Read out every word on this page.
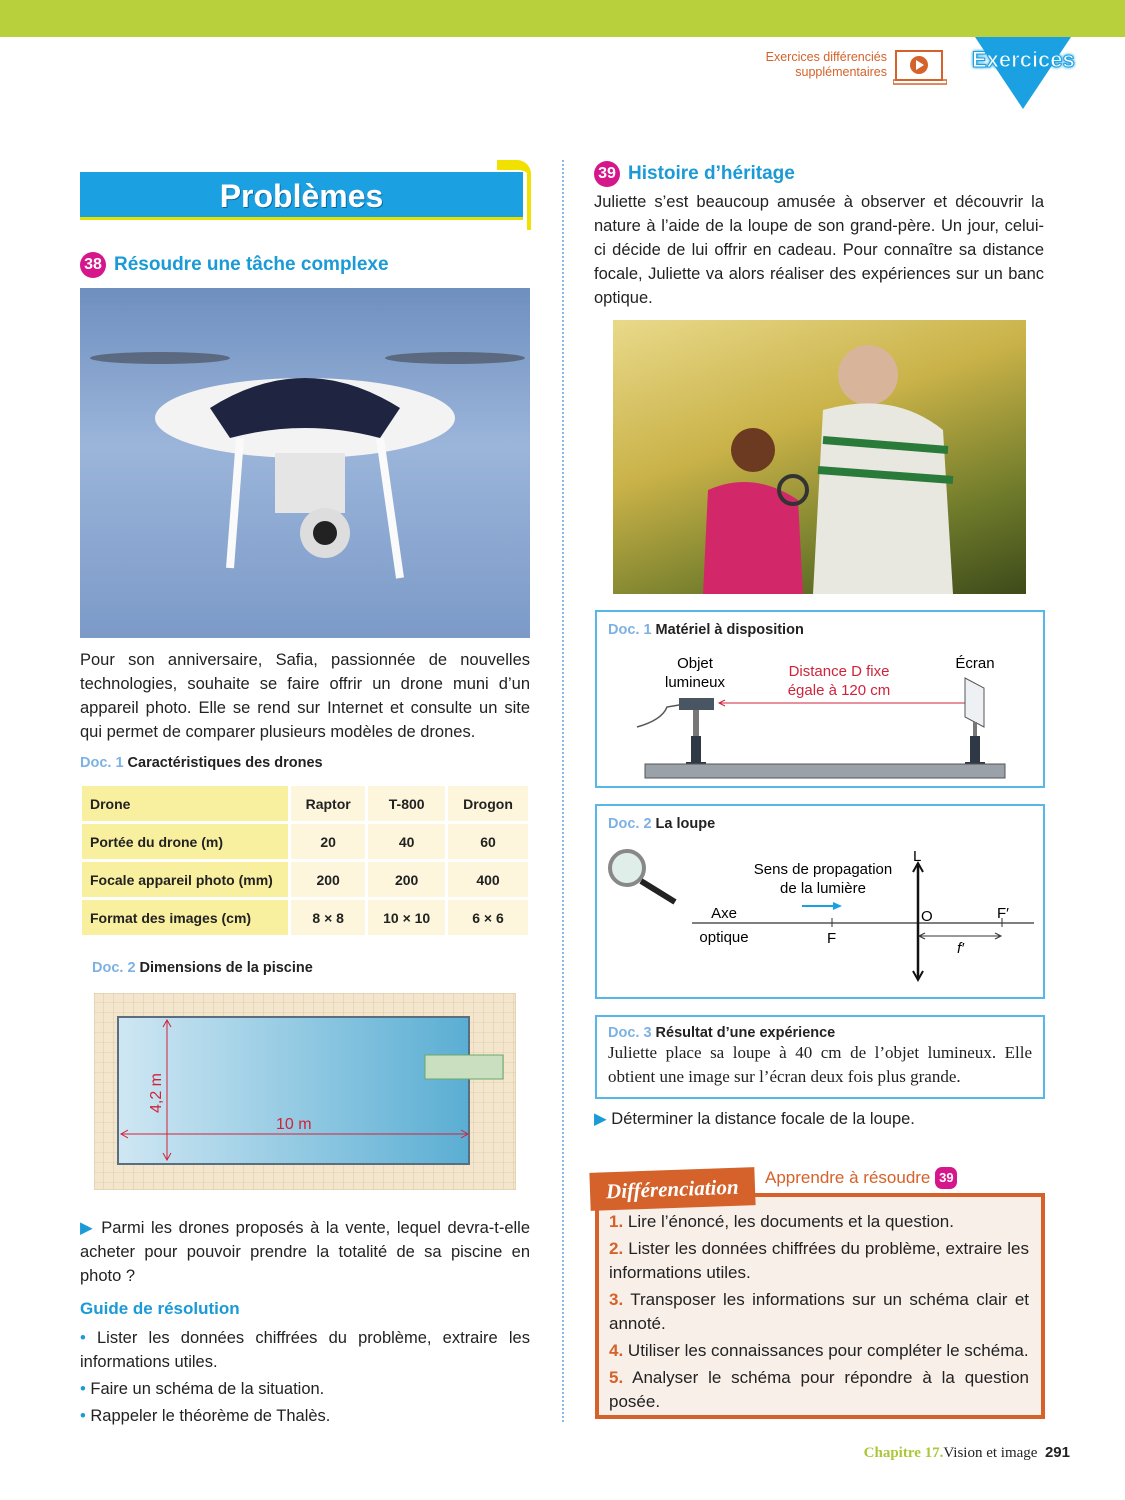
Exercices différenciés
supplémentaires	Exercices
Problèmes
38 Résoudre une tâche complexe

Pour son anniversaire, Safia, passionnée de nouvelles technologies, souhaite se faire offrir un drone muni d’un appareil photo. Elle se rend sur Internet et consulte un site qui permet de comparer plusieurs modèles de drones.

Doc. 1 Caractéristiques des drones
Drone	Raptor	T-800	Drogon
Portée du drone (m)	20	40	60
Focale appareil photo (mm)	200	200	400
Format des images (cm)	8 × 8	10 × 10	6 × 6
Doc. 2 Dimensions de la piscine
4,2 m
10 m

▶ Parmi les drones proposés à la vente, lequel devra-t-elle acheter pour pouvoir prendre la totalité de sa piscine en photo ?

Guide de résolution
• Lister les données chiffrées du problème, extraire les informations utiles.
• Faire un schéma de la situation.
• Rappeler le théorème de Thalès.
39 Histoire d’héritage

Juliette s’est beaucoup amusée à observer et découvrir la nature à l’aide de la loupe de son grand-père. Un jour, celui-ci décide de lui offrir en cadeau. Pour connaître sa distance focale, Juliette va alors réaliser des expériences sur un banc optique.

Doc. 1 Matériel à disposition
Objet
lumineux
Distance D fixe
égale à 120 cm
Écran
Doc. 2 La loupe
Sens de propagation
de la lumière
Axe
optique
L
O
F
F′
f′
Doc. 3 Résultat d’une expérience

Juliette place sa loupe à 40 cm de l’objet lumineux. Elle obtient une image sur l’écran deux fois plus grande.

▶ Déterminer la distance focale de la loupe.

Différenciation	Apprendre à résoudre 39
1. Lire l’énoncé, les documents et la question.
2. Lister les données chiffrées du problème, extraire les informations utiles.
3. Transposer les informations sur un schéma clair et annoté.
4. Utiliser les connaissances pour compléter le schéma.
5. Analyser le schéma pour répondre à la question posée.
Chapitre 17.Vision et image 291
